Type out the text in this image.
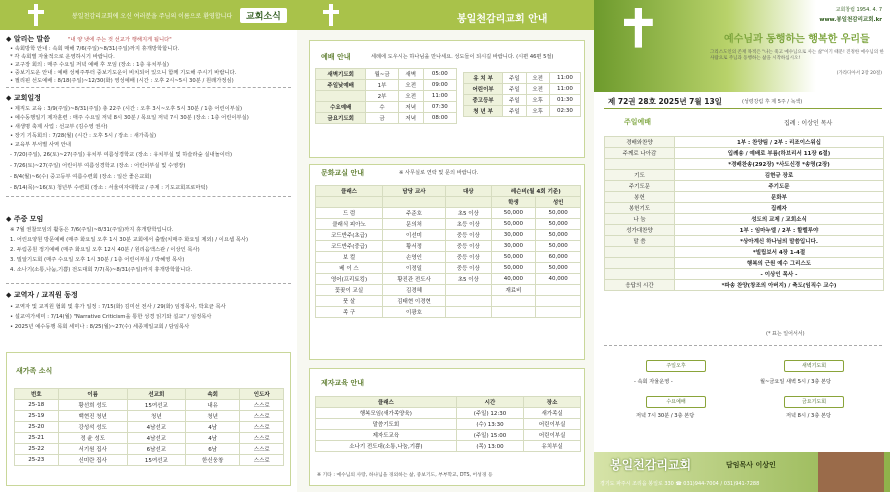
봉일천감리교회에 오신 여러분을 주님의 이름으로 환영합니다	교회소식
◆ 알리는 말씀	"내 양 냇에 주는 것 선교가 행해지게 됩니다"
• 속회방학 안내 : 속회 매해 7/6(주일)~8/31(주일)까지 휴개방학합니다.
* 각 속회별 자율적으로 운영하시기 바랍니다.
• 교구장 회의 : 매주 수요일 저녁 예배 후 모임 (장소 : 1층 유치부실)
• 중보기도운 안내 : 예배 성체주투터 중보기도운이 비치되어 있으니 함께 기도해 주시기 바랍니다.
• 필리핀 선도예배 : 8/18(주일)~12/30(화) 영성예배 (시간 : 오후 2시~5시 30분 / 원래가정심)
◆ 교회일정
• 제직도 교육 : 3/9(주일)~8/31(주일) 총 22주 (시간 : 오후 3시~오후 5시 30분 / 1층 어린이부실)
• 예수동행일기 제자훈련 : 매주 수요일 저녁 8시 30분 / 목요일 저녁 7시 30분 (장소 : 1층 어린이부실)
• 새생명 축제 사업 : 선교부 (김수영 권사)
• 장기 기독회의 : 7/28(월) (시간 : 오후 5시 / 장소 : 새가족실)
• 교육부 부서별 사역 안내
- 7/20(주일), 26(토)~27(주일) 유치부 여름성경학교 (장소 : 유치부실 및 하슬라숲 실내놀이터)
- 7/26(토)~27(주일) 어린이부 여름성경학교 (장소 : 어린이부실 및 수영장)
- 8/4(월)~6(수) 중고등부 여름수련회 (장소 : 일산 좋은교회)
- 8/14(목)~16(토) 청년부 수련회 (장소 : 서울여자대학교 / 주제 : 기도교회프로마틱)
◆ 주중 모임
※ 7월 권찰모임의 활동은 7/6(주일)~8/31(주일)까지 휴개방학입니다.
1. 어린요양원 방문예배 (매주 화요일 오후 1시 30분 교회에서 출발(치매주 화요일 제외) / 이요셉 목사)
2. 두림공원 정기예배 (매주 화요일 오후 12시 40분 / 원리음액스관 / 이상인 목사)
3. 밀알기도회 (매주 수요일 오후 1시 30분 / 1층 어린이부실 / 박혜영 목사)
4. 소나기(소통,나눔,기쁨) 전도대회 7/7(목)~8/31(주일)까지 휴개방학합니다.
◆ 교역자 / 교직원 동정
• 교역자 및 교직원 협회 및 휴가 일정 : 7/15(화) 김미선 전사 / 29(화) 임정목사, 박효균 목사
• 설교여가세미 : 7/14(월) "Narrative Criticism을 통한 성경 읽기와 설교" / 임정목사
• 2025년 예수동행 목회 세미나 : 8/25(월)~27(수) 세종제일교회 / 담임목사
새가족 소식
번호	이름	선교회	속회	인도자
25-18	황선희 성도	15여선교	내유	스스로
25-19	백현진 청년	청년	청년	스스로
25-20	강성석 성도	4남선교	4남	스스로
25-21	정 윤 성도	4남선교	4남	스스로
25-22	서기원 집사	6남선교	6남	스스로
25-23	신미란 집사	15여선교	한신웅창	스스로
봉일천감리교회 안내
예배 안내	세례에 도우시는 하나님을 만나세요. 성도들이 되시길 바랍니다. (시편 46편 5절)
새벽기도회	월~금	새벽	05:00
주일낮예배	1부	오전	09:00
	2부	오전	11:00
수요예배	수	저녁	07:30
금요기도회	금	저녁	08:00
유 치 부	주일	오전	11:00
어린이부	주일	오전	11:00
중고등부	주일	오후	01:30
청 년 부	주일	오후	02:30
문화교실 안내	※ 사무실로 연락 및 문의 바랍니다.
클래스	담당 교사	대상	레슨비(월 4회 기준)	
			학생	성인
드 럼	주준호	초5 이상	50,000	50,000
클래식 피아노	문의처	초등 이상	50,000	50,000
코드반주(초급)	이선미	중등 이상	30,000	50,000
코드반주(중급)	황서정	중등 이상	30,000	50,000
보 컬	손영인	중등 이상	50,000	60,000
베 이 스	이정일	중등 이상	50,000	50,000
영어(프리토킹)	황진관 전도사	초5 이상	40,000	40,000
꽃꽂이 교실	김경혜		재료비	
풋 살	김태현 이경현			
족 구	이광호			
제자교육 안내
클래스	시간	장소
행복모임(새가족양육)	(주일) 12:30	새가족실
말씀기도회	(수) 13:30	어린이부실
제자도교육	(주일) 15:00	어린이부실
소나기 전도대(소통,나눔,기쁨)	(목) 13:00	유치부실
※ 기타 : 예수님의 사랑, 하나님을 경외하는 삶, 중보기도, 부부학교, DTS, 어성경 등
교회창립 1954. 4. 7
www.봉일천감리교회.kr
예수님과 동행하는 행복한 우리들
그리스도인의 존재 목적은 "나는 죽고 예수님으로 사는 삶"이기 때문! 진정한 예수님의 한 사람으로 주님과 동행하는 삶을 시작하십시오!
(가라디아서 2장 20절)
제 72권 28호 2025년 7월 13일	(성령강림 후 제 5주 / 녹색)
주일예배	집례 : 이상인 목사
경배와찬양	1부 : 찬양팀 / 2부 : 리조이스워십
주께로 나아감	입례송 / 예배로 부름(하브리서 11장 6절)
	*경배찬송(292장) *사도신경 *송영(2장)
기도	김현규 장로
주기도문	주기도문
봉헌	문화부
봉헌기도	집례자
나 눔	성도의 교제 / 교회소식
성가대찬양	1부 : 임마누엘 / 2부 : 할렐루야
말 씀	*상아계신 하나님의 말씀입니다.
	*빌립보서 4장 1-4절
	행복의 근원 예수 그리스도
	- 이상인 목사 -
응답의 시간	*파송 찬양(창조의 아버지) / 축도(임직수 교수)
(* 표는 일어서서)
주일오후
- 속회 자율운영 -
새벽기도회
월~금요일 새벽 5시 / 3층 본당
수요예배
저녁 7시 30분 / 3층 본당
금요기도회
저녁 8시 / 3층 본당
봉일천감리교회	담임목사 이상인
경기도 파주시 조리읍 봉일로 330 ☎ 031)944-7004 / 031)941-7288
